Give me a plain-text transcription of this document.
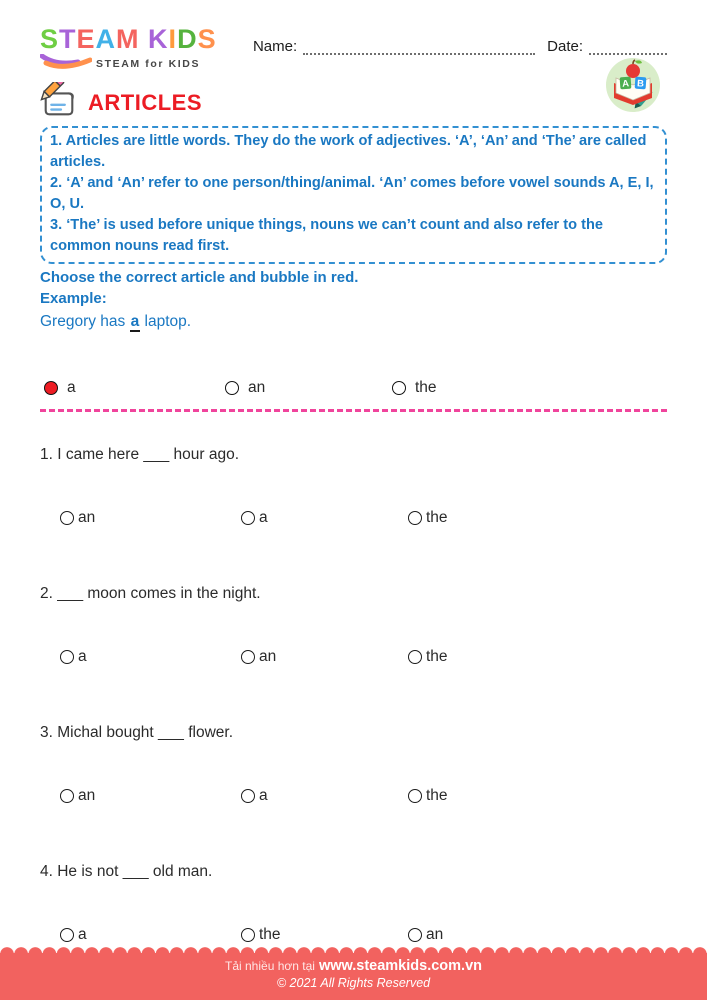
STEAM KIDS
STEAM for KIDS
Name:	Date:
ARTICLES
A B
1. Articles are little words. They do the work of adjectives. ‘A’, ‘An’ and ‘The’ are called articles.
2. ‘A’ and ‘An’ refer to one person/thing/animal. ‘An’ comes before vowel sounds A, E, I, O, U.
3. ‘The’ is used before unique things, nouns we can’t count and also refer to the common nouns read first.
Choose the correct article and bubble in red.
Example:
Gregory has a laptop.
a	an	the
1. I came here ___ hour ago.
an	a	the
2. ___ moon comes in the night.
a	an	the
3. Michal bought ___ flower.
an	a	the
4. He is not ___ old man.
a	the	an
Tải nhiều hơn tại www.steamkids.com.vn
© 2021 All Rights Reserved
